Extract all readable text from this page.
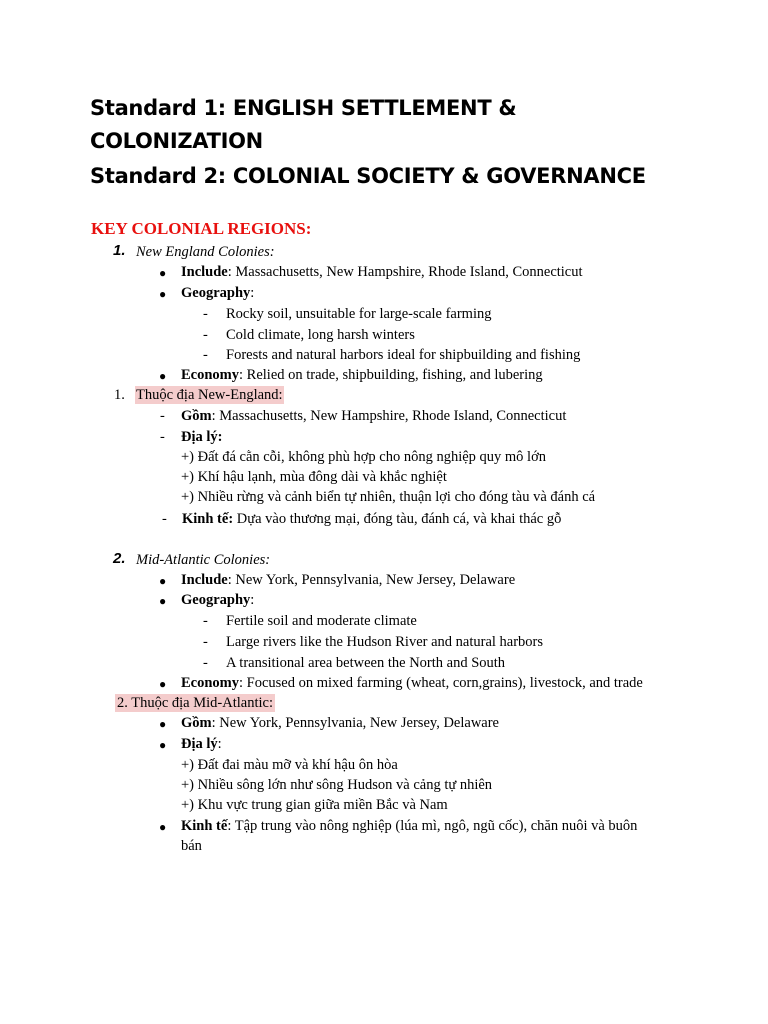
Standard 1: ENGLISH SETTLEMENT &
COLONIZATION
Standard 2: COLONIAL SOCIETY & GOVERNANCE
KEY COLONIAL REGIONS:
1. New England Colonies:
● Include: Massachusetts, New Hampshire, Rhode Island, Connecticut
● Geography:
- Rocky soil, unsuitable for large-scale farming
- Cold climate, long harsh winters
- Forests and natural harbors ideal for shipbuilding and fishing
● Economy: Relied on trade, shipbuilding, fishing, and lubering
1. Thuộc địa New-England:
- Gồm: Massachusetts, New Hampshire, Rhode Island, Connecticut
- Địa lý:
+) Đất đá cằn cỗi, không phù hợp cho nông nghiệp quy mô lớn
+) Khí hậu lạnh, mùa đông dài và khắc nghiệt
+) Nhiều rừng và cảnh biển tự nhiên, thuận lợi cho đóng tàu và đánh cá
- Kinh tế: Dựa vào thương mại, đóng tàu, đánh cá, và khai thác gỗ
2. Mid-Atlantic Colonies:
● Include: New York, Pennsylvania, New Jersey, Delaware
● Geography:
- Fertile soil and moderate climate
- Large rivers like the Hudson River and natural harbors
- A transitional area between the North and South
● Economy: Focused on mixed farming (wheat, corn,grains), livestock, and trade
2. Thuộc địa Mid-Atlantic:
● Gồm: New York, Pennsylvania, New Jersey, Delaware
● Địa lý:
+) Đất đai màu mỡ và khí hậu ôn hòa
+) Nhiều sông lớn như sông Hudson và cảng tự nhiên
+) Khu vực trung gian giữa miền Bắc và Nam
● Kinh tế: Tập trung vào nông nghiệp (lúa mì, ngô, ngũ cốc), chăn nuôi và buôn
bán
